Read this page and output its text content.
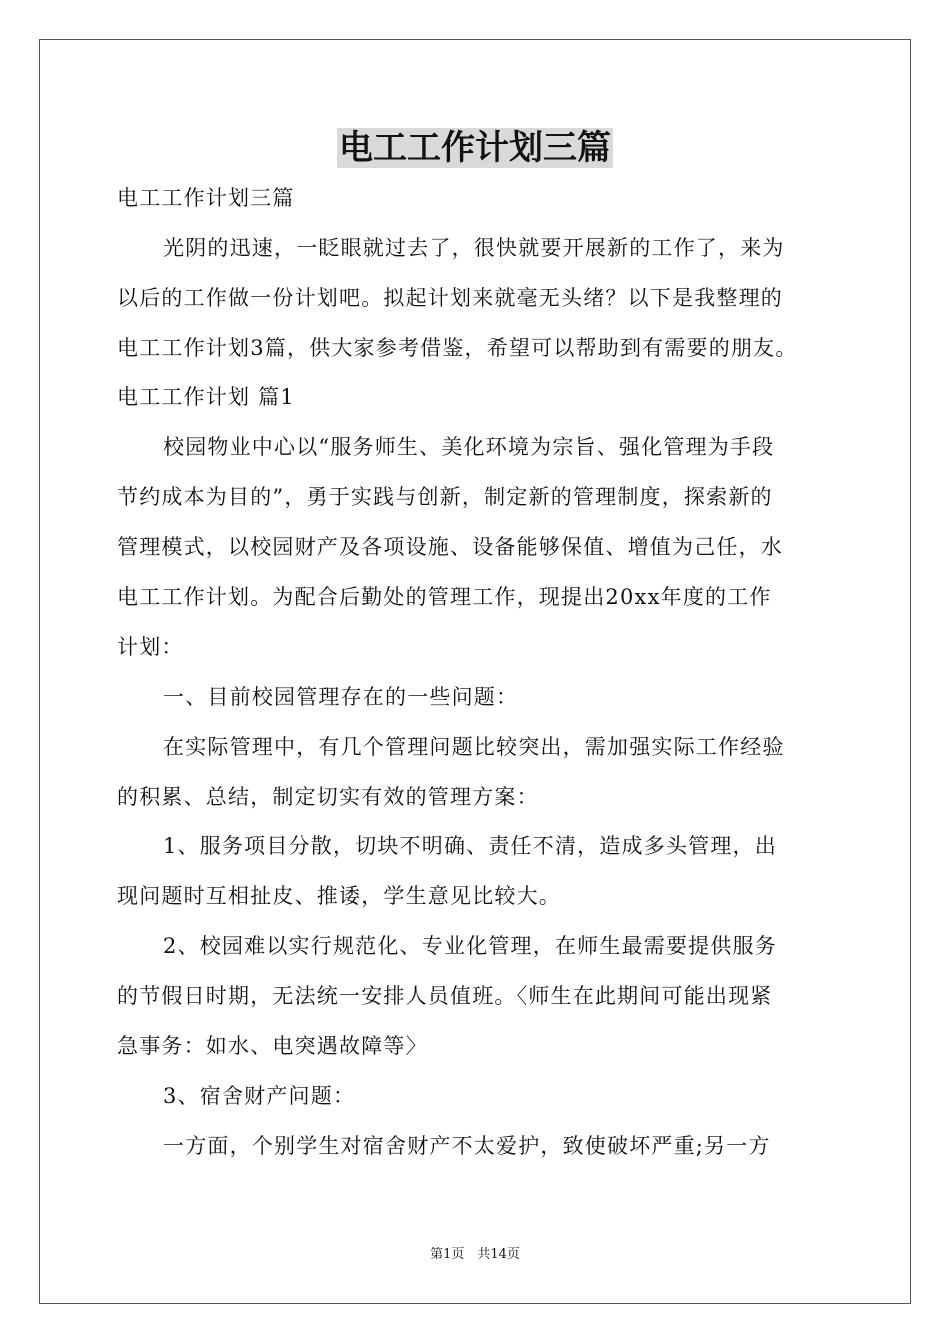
电工工作计划三篇
电工工作计划三篇
光阴的迅速，一眨眼就过去了，很快就要开展新的工作了，来为
以后的工作做一份计划吧。拟起计划来就毫无头绪？以下是我整理的
电工工作计划3篇，供大家参考借鉴，希望可以帮助到有需要的朋友。
电工工作计划 篇1
校园物业中心以“服务师生、美化环境为宗旨、强化管理为手段
节约成本为目的”，勇于实践与创新，制定新的管理制度，探索新的
管理模式，以校园财产及各项设施、设备能够保值、增值为己任，水
电工工作计划。为配合后勤处的管理工作，现提出20xx年度的工作
计划：
一、目前校园管理存在的一些问题：
在实际管理中，有几个管理问题比较突出，需加强实际工作经验
的积累、总结，制定切实有效的管理方案：
1、服务项目分散，切块不明确、责任不清，造成多头管理，出
现问题时互相扯皮、推诿，学生意见比较大。
2、校园难以实行规范化、专业化管理，在师生最需要提供服务
的节假日时期，无法统一安排人员值班。〈师生在此期间可能出现紧
急事务：如水、电突遇故障等〉
3、宿舍财产问题：
一方面，个别学生对宿舍财产不太爱护，致使破坏严重;另一方
第1页　共14页
